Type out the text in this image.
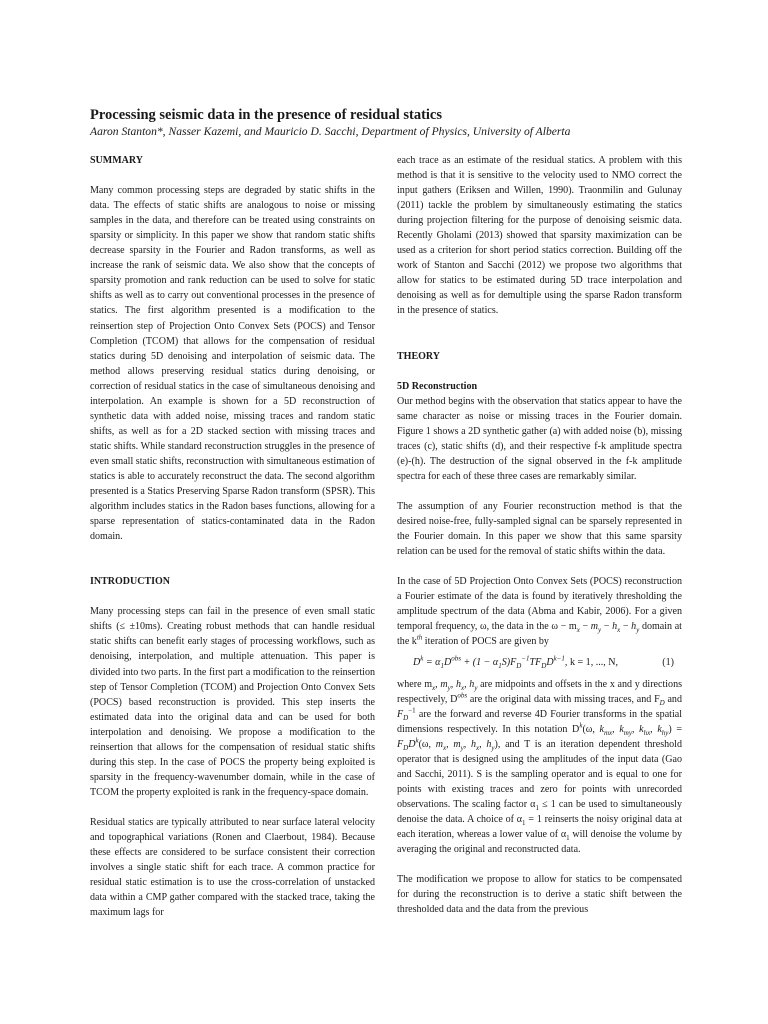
Processing seismic data in the presence of residual statics
Aaron Stanton*, Nasser Kazemi, and Mauricio D. Sacchi, Department of Physics, University of Alberta
SUMMARY

Many common processing steps are degraded by static shifts in the data. The effects of static shifts are analogous to noise or missing samples in the data, and therefore can be treated using constraints on sparsity or simplicity. In this paper we show that random static shifts decrease sparsity in the Fourier and Radon transforms, as well as increase the rank of seismic data. We also show that the concepts of sparsity promotion and rank reduction can be used to solve for static shifts as well as to carry out conventional processes in the presence of statics. The first algorithm presented is a modification to the reinsertion step of Projection Onto Convex Sets (POCS) and Tensor Completion (TCOM) that allows for the compensation of residual statics during 5D denoising and interpolation of seismic data. The method allows preserving residual statics during denoising, or correction of residual statics in the case of simultaneous denoising and interpolation. An example is shown for a 5D reconstruction of synthetic data with added noise, missing traces and random static shifts, as well as for a 2D stacked section with missing traces and static shifts. While standard reconstruction struggles in the presence of even small static shifts, reconstruction with simultaneous estimation of statics is able to accurately reconstruct the data. The second algorithm presented is a Statics Preserving Sparse Radon transform (SPSR). This algorithm includes statics in the Radon bases functions, allowing for a sparse representation of statics-contaminated data in the Radon domain.

INTRODUCTION

Many processing steps can fail in the presence of even small static shifts (≤ ±10ms). Creating robust methods that can handle residual static shifts can benefit early stages of processing workflows, such as denoising, interpolation, and multiple attenuation. This paper is divided into two parts. In the first part a modification to the reinsertion step of Tensor Completion (TCOM) and Projection Onto Convex Sets (POCS) based reconstruction is provided. This step inserts the estimated data into the original data and can be used for both interpolation and denoising. We propose a modification to the reinsertion that allows for the compensation of residual static shifts during this step. In the case of POCS the property being exploited is sparsity in the frequency-wavenumber domain, while in the case of TCOM the property exploited is rank in the frequency-space domain.

Residual statics are typically attributed to near surface lateral velocity and topographical variations (Ronen and Claerbout, 1984). Because these effects are considered to be surface consistent their correction involves a single static shift for each trace. A common practice for residual static estimation is to use the cross-correlation of unstacked data within a CMP gather compared with the stacked trace, taking the maximum lags for

each trace as an estimate of the residual statics. A problem with this method is that it is sensitive to the velocity used to NMO correct the input gathers (Eriksen and Willen, 1990). Traonmilin and Gulunay (2011) tackle the problem by simultaneously estimating the statics during projection filtering for the purpose of denoising seismic data. Recently Gholami (2013) showed that sparsity maximization can be used as a criterion for short period statics correction. Building off the work of Stanton and Sacchi (2012) we propose two algorithms that allow for statics to be estimated during 5D trace interpolation and denoising as well as for demultiple using the sparse Radon transform in the presence of statics.

THEORY
5D Reconstruction

Our method begins with the observation that statics appear to have the same character as noise or missing traces in the Fourier domain. Figure 1 shows a 2D synthetic gather (a) with added noise (b), missing traces (c), static shifts (d), and their respective f-k amplitude spectra (e)-(h). The destruction of the signal observed in the f-k amplitude spectra for each of these three cases are remarkably similar.

The assumption of any Fourier reconstruction method is that the desired noise-free, fully-sampled signal can be sparsely represented in the Fourier domain. In this paper we show that this same sparsity relation can be used for the removal of static shifts within the data.

In the case of 5D Projection Onto Convex Sets (POCS) reconstruction a Fourier estimate of the data is found by iteratively thresholding the amplitude spectrum of the data (Abma and Kabir, 2006). For a given temporal frequency, ω, the data in the $\omega - m_x - m_y - h_x - h_y$ domain at the $k^{th}$ iteration of POCS are given by

$D^k = \alpha_1D^{obs} + (1 - \alpha_1S)F_D^{-1}TF_DD^{k-1}$, k = 1, ..., N,	(1)

where $m_x$, $m_y$, $h_x$, $h_y$ are midpoints and offsets in the x and y directions respectively, $D^{obs}$ are the original data with missing traces, and $F_D$ and $F_D^{-1}$ are the forward and reverse 4D Fourier transforms in the spatial dimensions respectively. In this notation $D^k(\omega$, $k_{mx}$, $k_{my}$, $k_{hx}$, $k_{hy}) = F_DD^k(\omega$, $m_x$, $m_y$, $h_x$, $h_y$), and T is an iteration dependent threshold operator that is designed using the amplitudes of the input data (Gao and Sacchi, 2011). S is the sampling operator and is equal to one for points with existing traces and zero for points with unrecorded observations. The scaling factor $\alpha_1 \le 1$ can be used to simultaneously denoise the data. A choice of $\alpha_1 = 1$ reinserts the noisy original data at each iteration, whereas a lower value of $\alpha_1$ will denoise the volume by averaging the original and reconstructed data.

The modification we propose to allow for statics to be compensated for during the reconstruction is to derive a static shift between the thresholded data and the data from the previous
